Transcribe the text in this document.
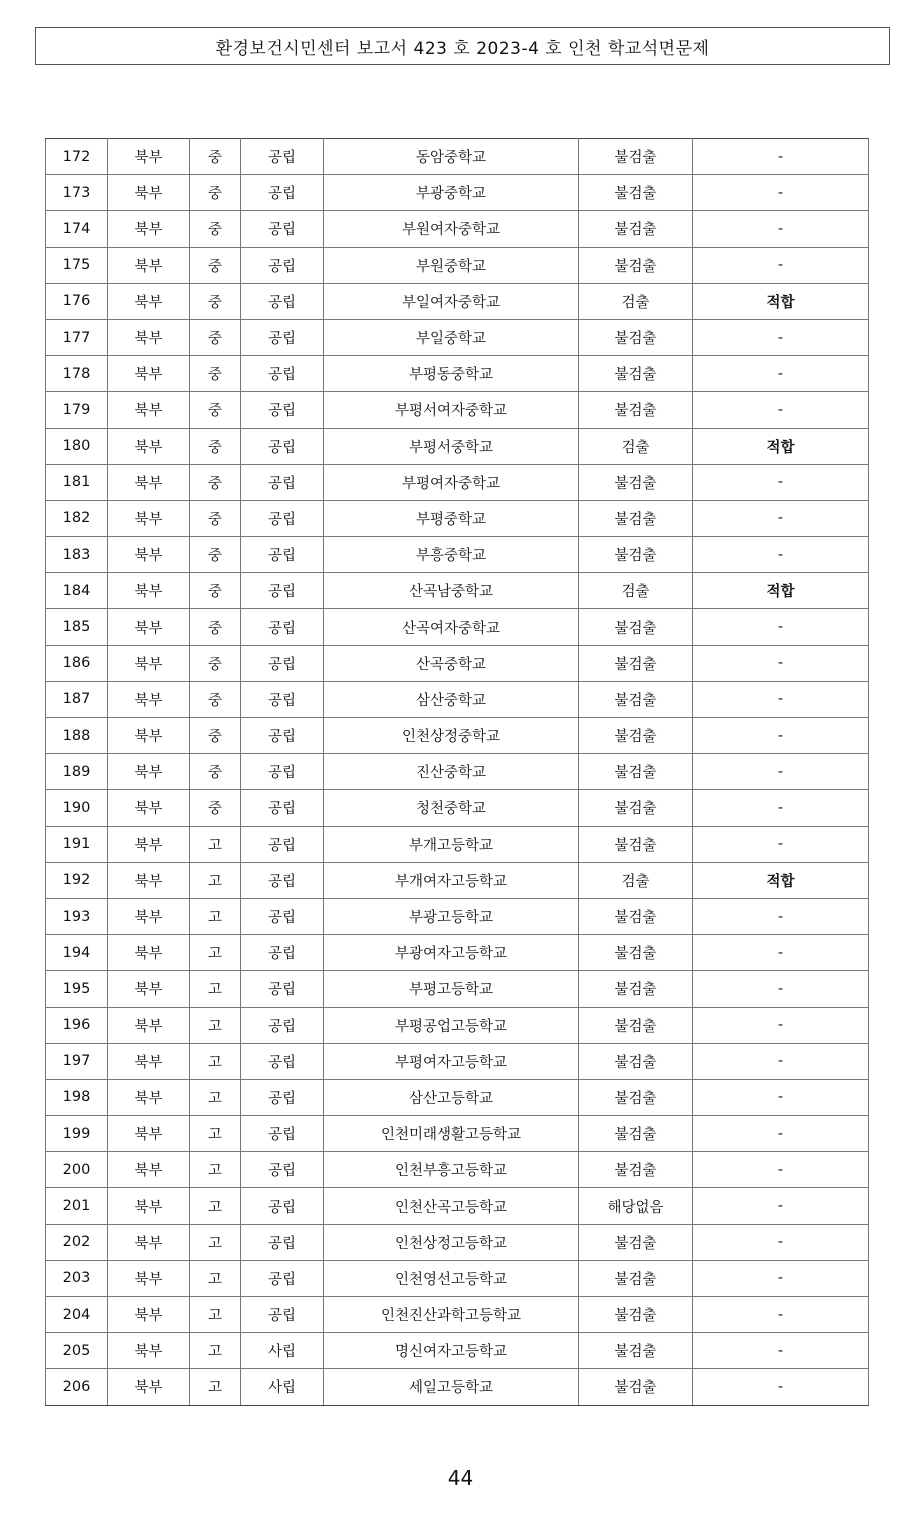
환경보건시민센터 보고서 423 호 2023-4 호 인천 학교석면문제
172	북부	중	공립	동암중학교	불검출	-
173	북부	중	공립	부광중학교	불검출	-
174	북부	중	공립	부원여자중학교	불검출	-
175	북부	중	공립	부원중학교	불검출	-
176	북부	중	공립	부일여자중학교	검출	적합
177	북부	중	공립	부일중학교	불검출	-
178	북부	중	공립	부평동중학교	불검출	-
179	북부	중	공립	부평서여자중학교	불검출	-
180	북부	중	공립	부평서중학교	검출	적합
181	북부	중	공립	부평여자중학교	불검출	-
182	북부	중	공립	부평중학교	불검출	-
183	북부	중	공립	부흥중학교	불검출	-
184	북부	중	공립	산곡남중학교	검출	적합
185	북부	중	공립	산곡여자중학교	불검출	-
186	북부	중	공립	산곡중학교	불검출	-
187	북부	중	공립	삼산중학교	불검출	-
188	북부	중	공립	인천상정중학교	불검출	-
189	북부	중	공립	진산중학교	불검출	-
190	북부	중	공립	청천중학교	불검출	-
191	북부	고	공립	부개고등학교	불검출	-
192	북부	고	공립	부개여자고등학교	검출	적합
193	북부	고	공립	부광고등학교	불검출	-
194	북부	고	공립	부광여자고등학교	불검출	-
195	북부	고	공립	부평고등학교	불검출	-
196	북부	고	공립	부평공업고등학교	불검출	-
197	북부	고	공립	부평여자고등학교	불검출	-
198	북부	고	공립	삼산고등학교	불검출	-
199	북부	고	공립	인천미래생활고등학교	불검출	-
200	북부	고	공립	인천부흥고등학교	불검출	-
201	북부	고	공립	인천산곡고등학교	해당없음	-
202	북부	고	공립	인천상정고등학교	불검출	-
203	북부	고	공립	인천영선고등학교	불검출	-
204	북부	고	공립	인천진산과학고등학교	불검출	-
205	북부	고	사립	명신여자고등학교	불검출	-
206	북부	고	사립	세일고등학교	불검출	-
44
